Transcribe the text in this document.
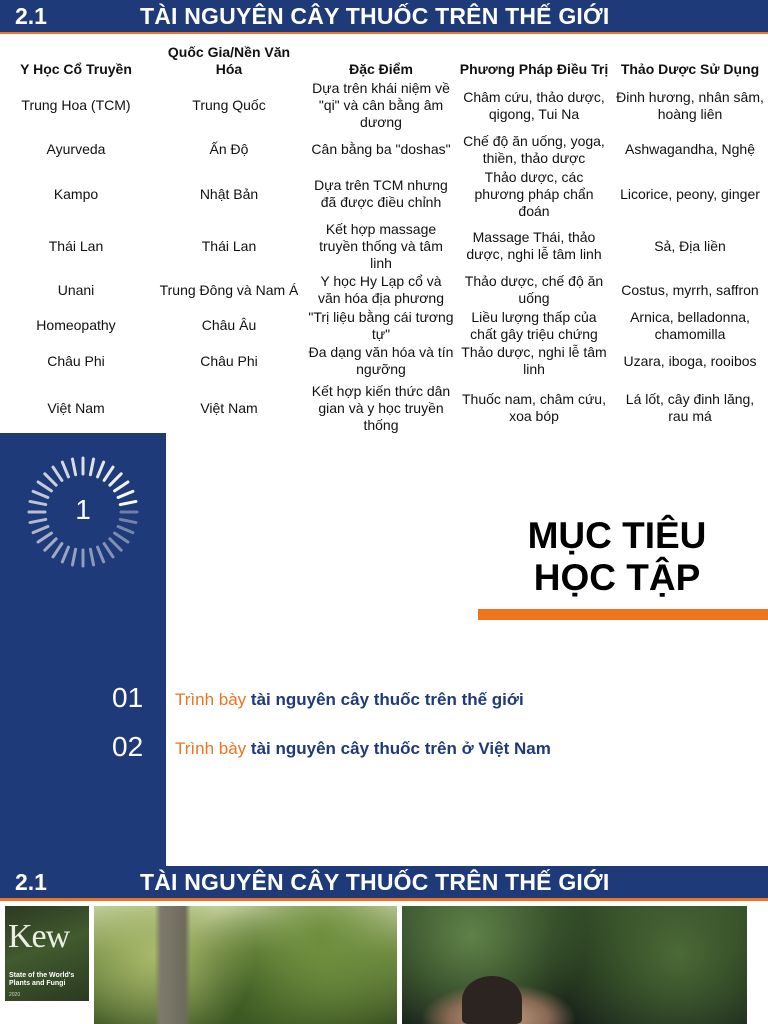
2.1	TÀI NGUYÊN CÂY THUỐC TRÊN THẾ GIỚI
Y Học Cổ Truyền	Quốc Gia/Nền Văn Hóa	Đặc Điểm	Phương Pháp Điều Trị	Thảo Dược Sử Dụng
Trung Hoa (TCM)	Trung Quốc	Dựa trên khái niệm về "qi" và cân bằng âm dương	Châm cứu, thảo dược, qigong, Tui Na	Đinh hương, nhân sâm, hoàng liên
Ayurveda	Ấn Độ	Cân bằng ba "doshas"	Chế độ ăn uống, yoga, thiền, thảo dược	Ashwagandha, Nghệ
Kampo	Nhật Bản	Dựa trên TCM nhưng đã được điều chỉnh	Thảo dược, các phương pháp chẩn đoán	Licorice, peony, ginger
Thái Lan	Thái Lan	Kết hợp massage truyền thống và tâm linh	Massage Thái, thảo dược, nghi lễ tâm linh	Sả, Địa liền
Unani	Trung Đông và Nam Á	Y học Hy Lạp cổ và văn hóa địa phương	Thảo dược, chế độ ăn uống	Costus, myrrh, saffron
Homeopathy	Châu Âu	"Trị liệu bằng cái tương tự"	Liều lượng thấp của chất gây triệu chứng	Arnica, belladonna, chamomilla
Châu Phi	Châu Phi	Đa dạng văn hóa và tín ngưỡng	Thảo dược, nghi lễ tâm linh	Uzara, iboga, rooibos
Việt Nam	Việt Nam	Kết hợp kiến thức dân gian và y học truyền thống	Thuốc nam, châm cứu, xoa bóp	Lá lốt, cây đinh lăng, rau má
1
MỤC TIÊU
HỌC TẬP
01	Trình bày tài nguyên cây thuốc trên thế giới
02	Trình bày tài nguyên cây thuốc trên ở Việt Nam
2.1	TÀI NGUYÊN CÂY THUỐC TRÊN THẾ GIỚI
Kew
State of the World's Plants and Fungi
2020
